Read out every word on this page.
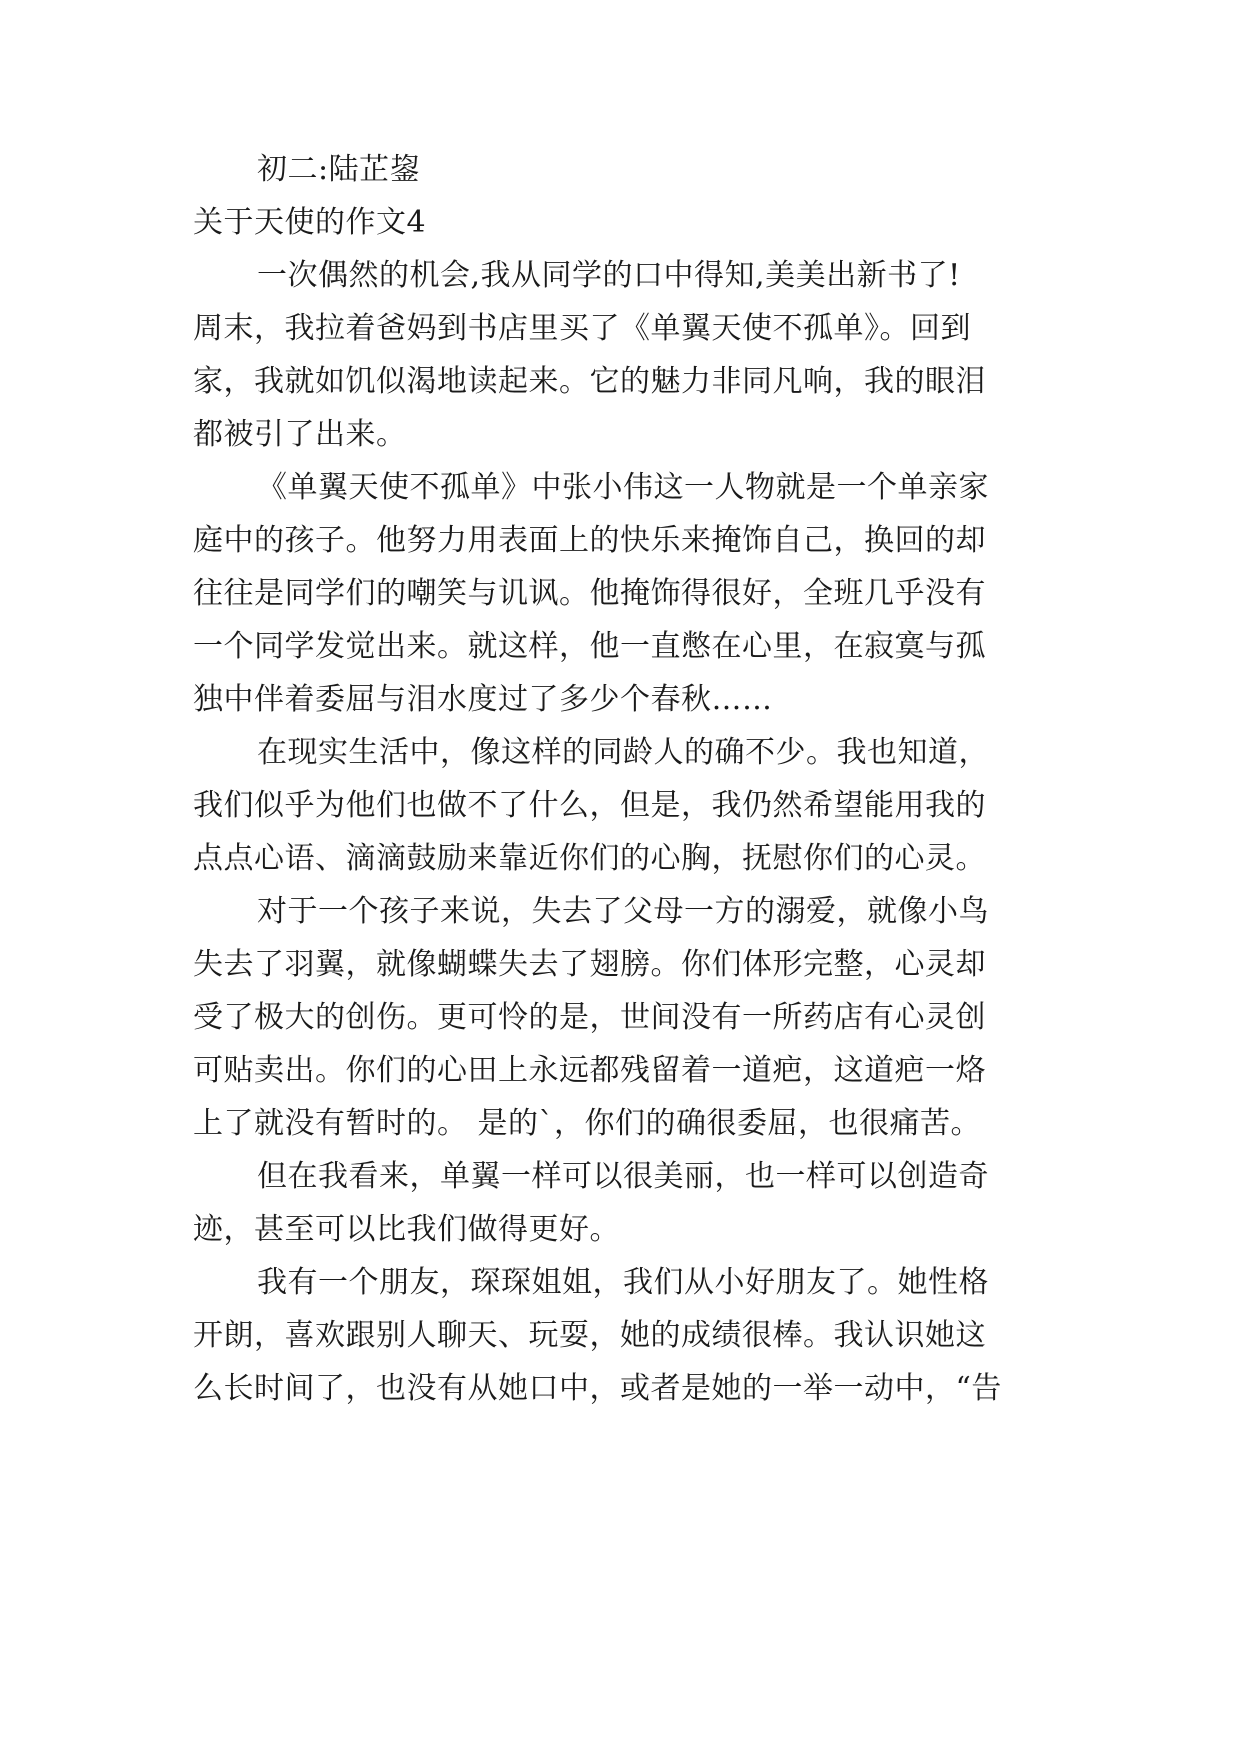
初二:陆芷鋆
关于天使的作文4
一次偶然的机会,我从同学的口中得知,美美出新书了!
周末，我拉着爸妈到书店里买了《单翼天使不孤单》。回到
家，我就如饥似渴地读起来。它的魅力非同凡响，我的眼泪
都被引了出来。
《单翼天使不孤单》中张小伟这一人物就是一个单亲家
庭中的孩子。他努力用表面上的快乐来掩饰自己，换回的却
往往是同学们的嘲笑与讥讽。他掩饰得很好，全班几乎没有
一个同学发觉出来。就这样，他一直憋在心里，在寂寞与孤
独中伴着委屈与泪水度过了多少个春秋……
在现实生活中，像这样的同龄人的确不少。我也知道，
我们似乎为他们也做不了什么，但是，我仍然希望能用我的
点点心语、滴滴鼓励来靠近你们的心胸，抚慰你们的心灵。
对于一个孩子来说，失去了父母一方的溺爱，就像小鸟
失去了羽翼，就像蝴蝶失去了翅膀。你们体形完整，心灵却
受了极大的创伤。更可怜的是，世间没有一所药店有心灵创
可贴卖出。你们的心田上永远都残留着一道疤，这道疤一烙
上了就没有暂时的。 是的`，你们的确很委屈，也很痛苦。
但在我看来，单翼一样可以很美丽，也一样可以创造奇
迹，甚至可以比我们做得更好。
我有一个朋友，琛琛姐姐，我们从小好朋友了。她性格
开朗，喜欢跟别人聊天、玩耍，她的成绩很棒。我认识她这
么长时间了，也没有从她口中，或者是她的一举一动中，“告
